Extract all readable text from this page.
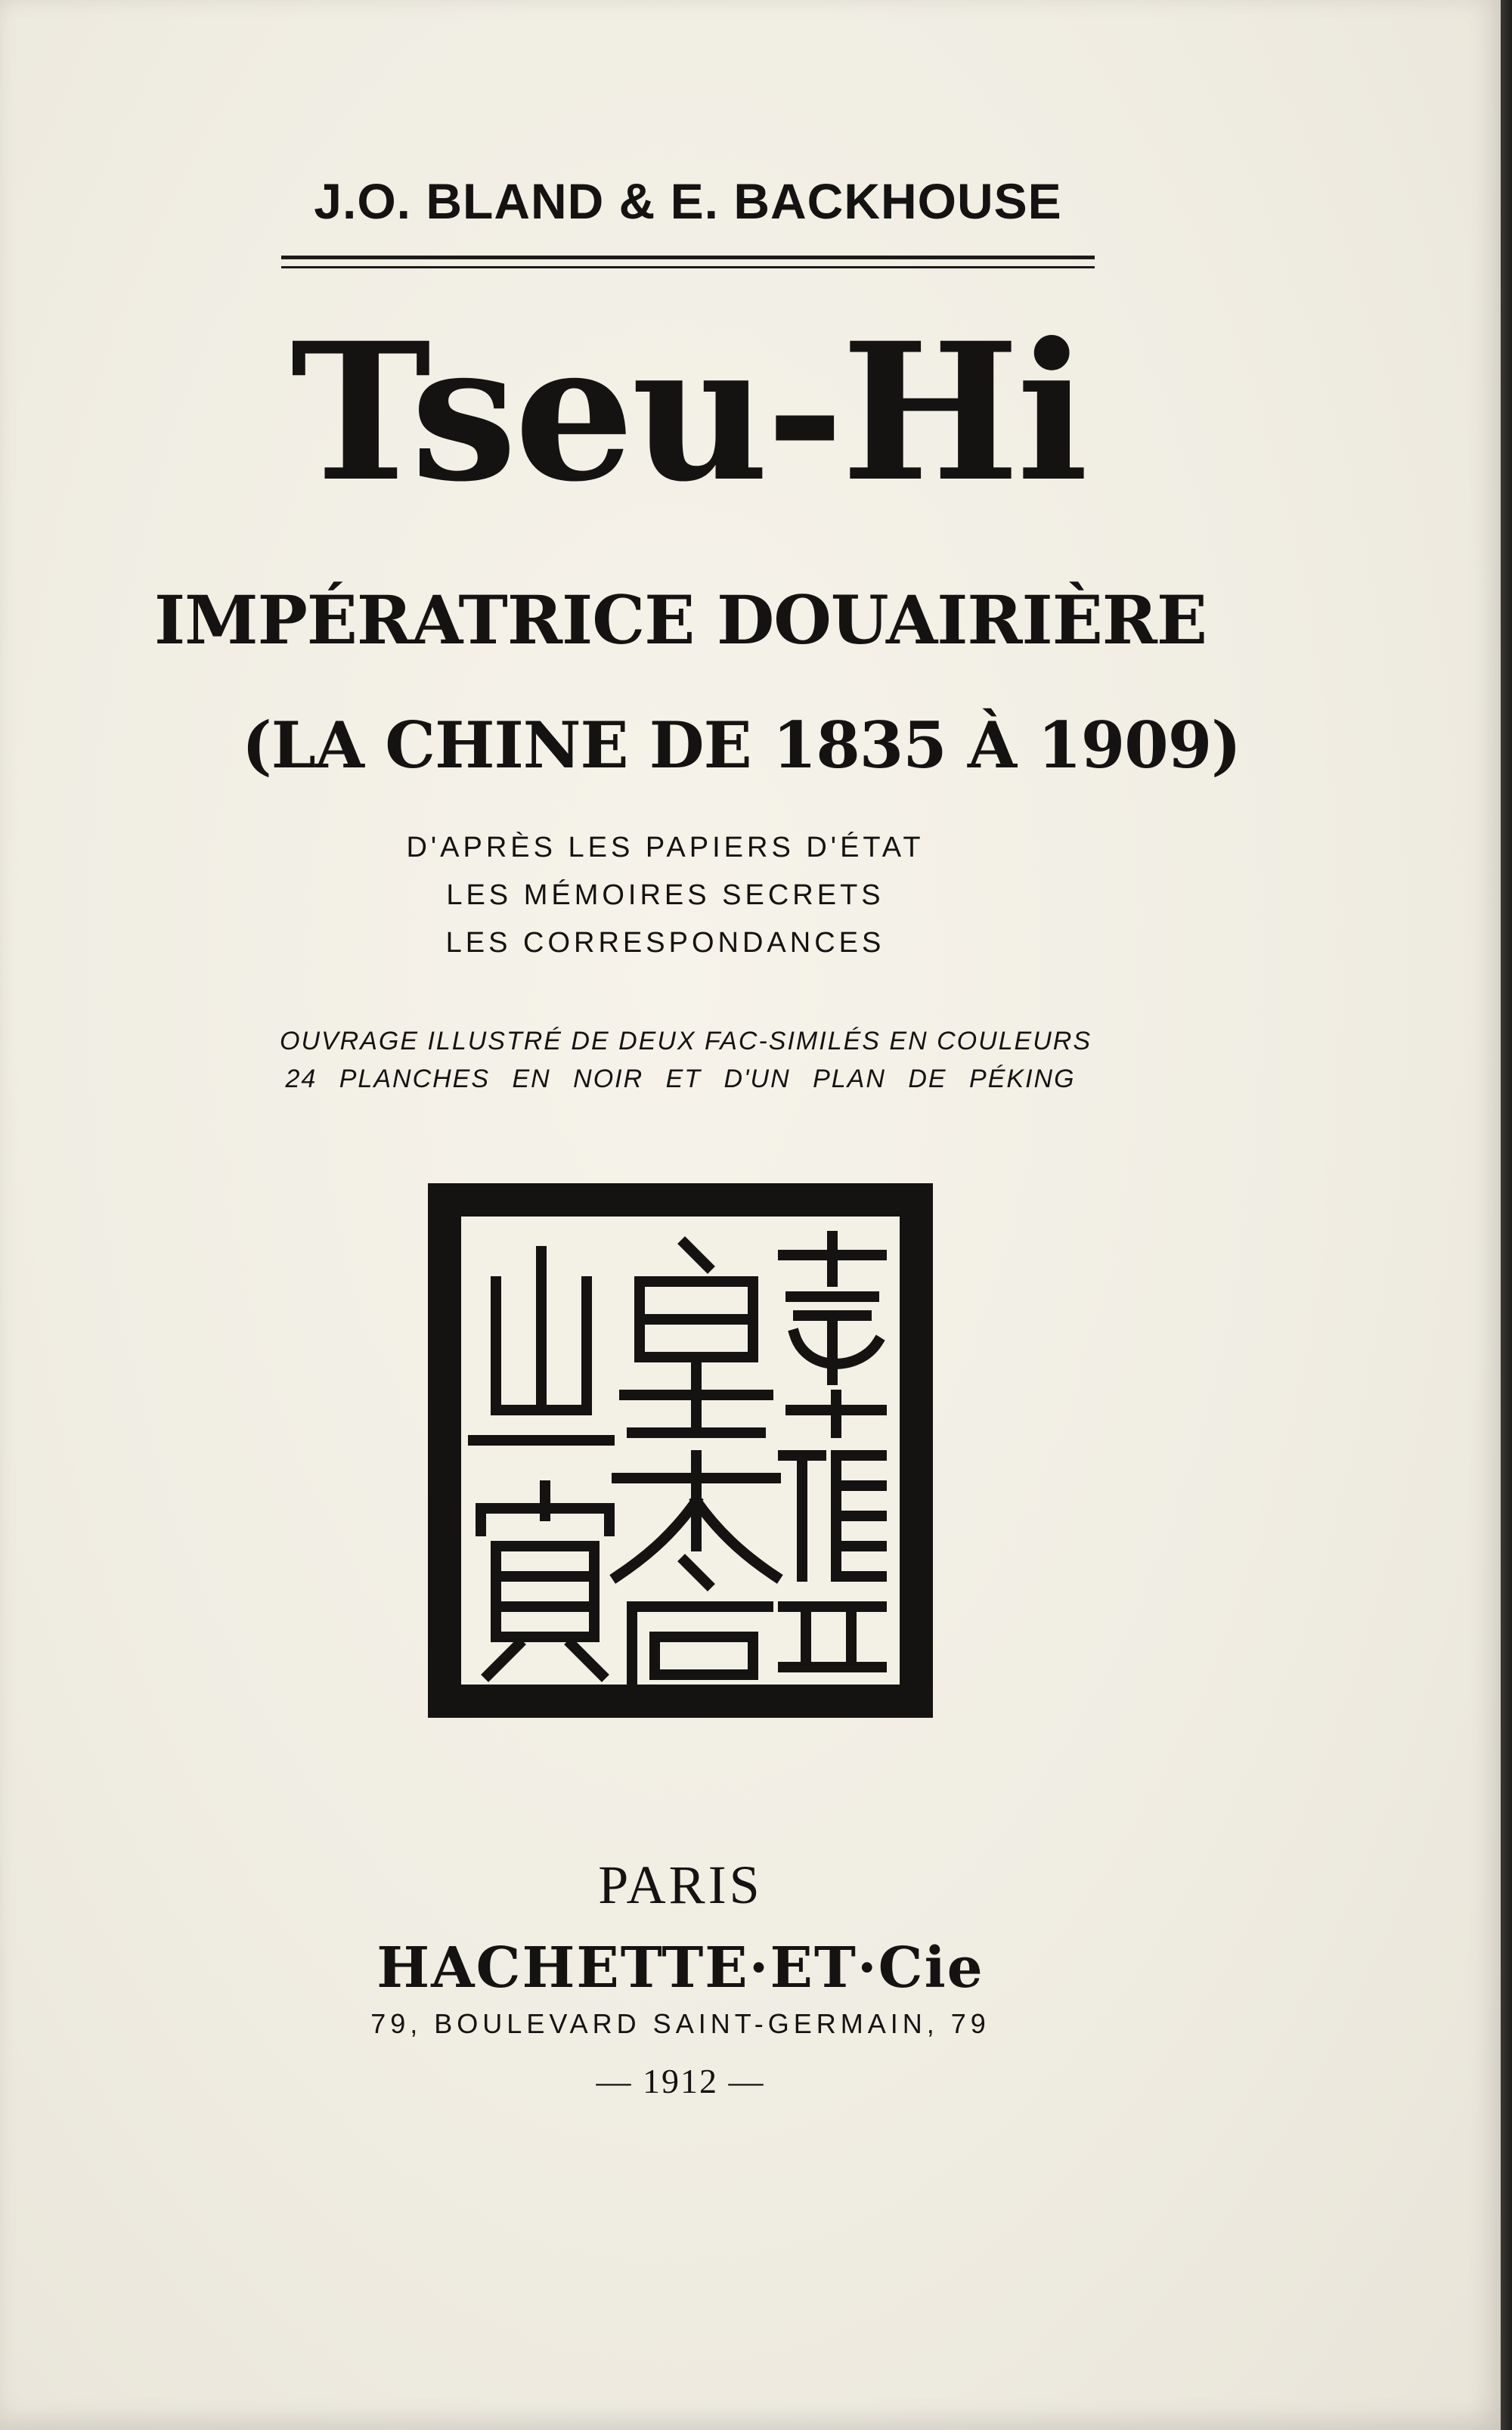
J.O. BLAND & E. BACKHOUSE

Tseu-Hi

IMPÉRATRICE DOUAIRIÈRE

(LA CHINE DE 1835 À 1909)

D'APRÈS LES PAPIERS D'ÉTAT

LES MÉMOIRES SECRETS

LES CORRESPONDANCES

OUVRAGE ILLUSTRÉ DE DEUX FAC-SIMILÉS EN COULEURS

24 PLANCHES EN NOIR ET D'UN PLAN DE PÉKING

PARIS

HACHETTE·ET·Cie

79, BOULEVARD SAINT-GERMAIN, 79

— 1912 —
